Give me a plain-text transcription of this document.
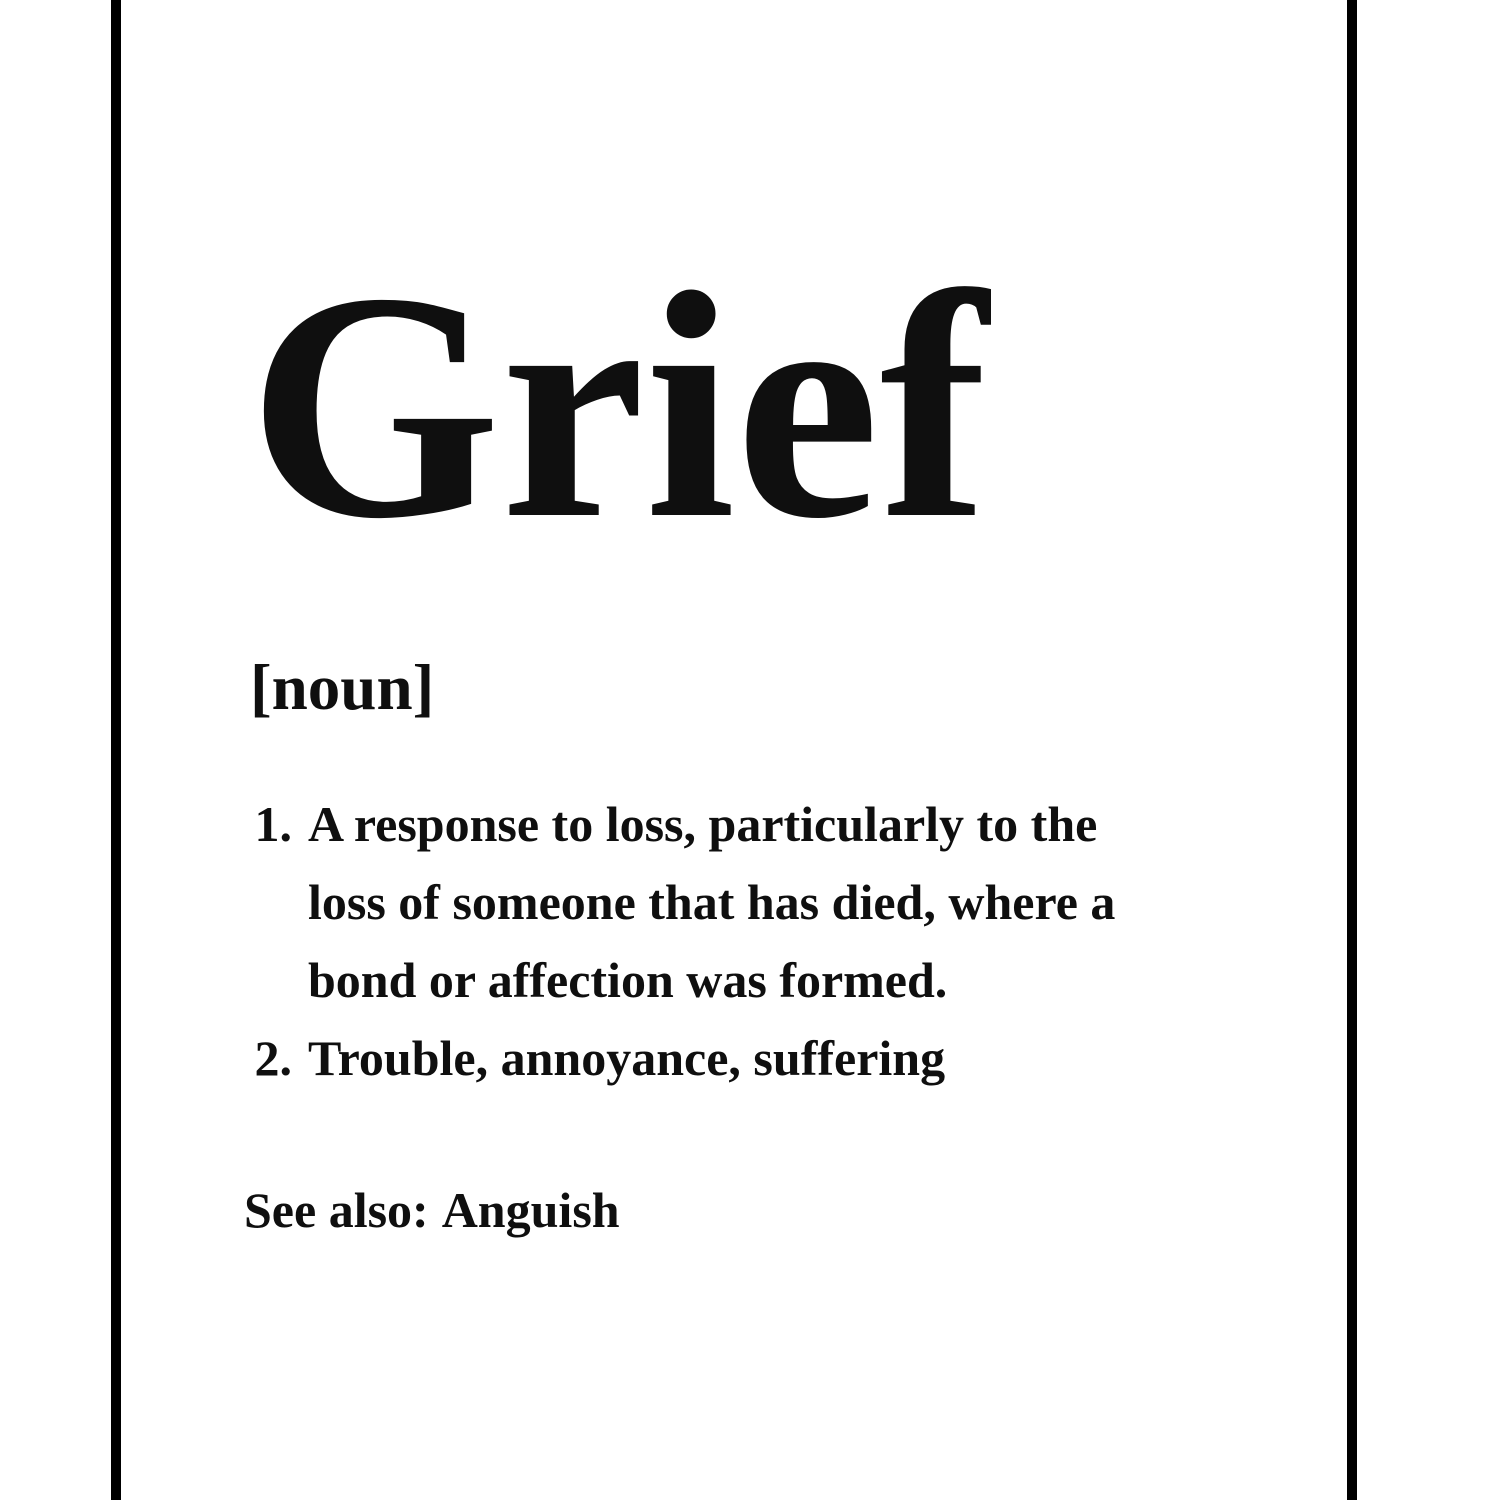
Grief
[noun]
1. A response to loss, particularly to the
loss of someone that has died, where a
bond or affection was formed.
2. Trouble, annoyance, suffering
See also: Anguish
